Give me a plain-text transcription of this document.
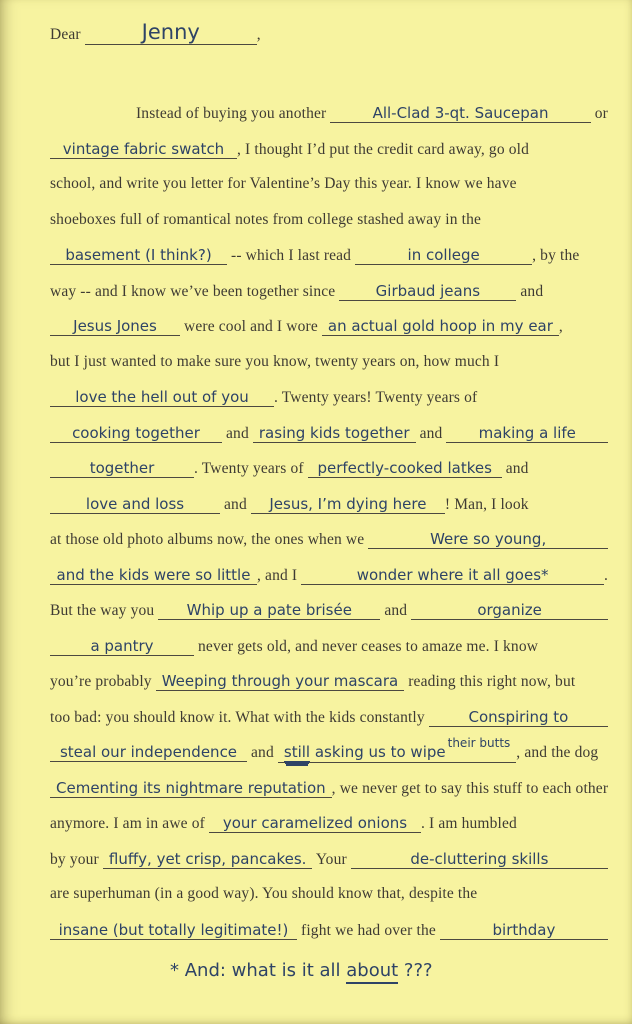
Dear	Jenny	,
Instead of buying you another	All-Clad 3-qt. Saucepan	or
vintage fabric swatch , I thought I’d put the credit card away, go old
school, and write you letter for Valentine’s Day this year. I know we have
shoeboxes full of romantical notes from college stashed away in the
basement (I think?) -- which I last read	in college	, by the
way -- and I know we’ve been together since	Girbaud jeans	and
Jesus Jones	were cool and I wore an actual gold hoop in my ear ,
but I just wanted to make sure you know, twenty years on, how much I
love the hell out of you	. Twenty years! Twenty years of
cooking together	and rasing kids together and	making a life
together	. Twenty years of perfectly-cooked latkes and
love and loss	and	Jesus, I’m dying here	! Man, I look
at those old photo albums now, the ones when we	Were so young,
and the kids were so little , and I	wonder where it all goes*	.
But the way you	Whip up a pate brisée	and	organize
a pantry	never gets old, and never ceases to amaze me. I know
you’re probably Weeping through your mascara reading this right now, but
too bad: you should know it. What with the kids constantly	Conspiring to
steal our independence and still asking us to wipe their butts
, and the dog
Cementing its nightmare reputation , we never get to say this stuff to each other
anymore. I am in awe of your caramelized onions . I am humbled
by your fluffy, yet crisp, pancakes. Your	de-cluttering skills
are superhuman (in a good way). You should know that, despite the
insane (but totally legitimate!) fight we had over the	birthday
* And: what is it all about ???
